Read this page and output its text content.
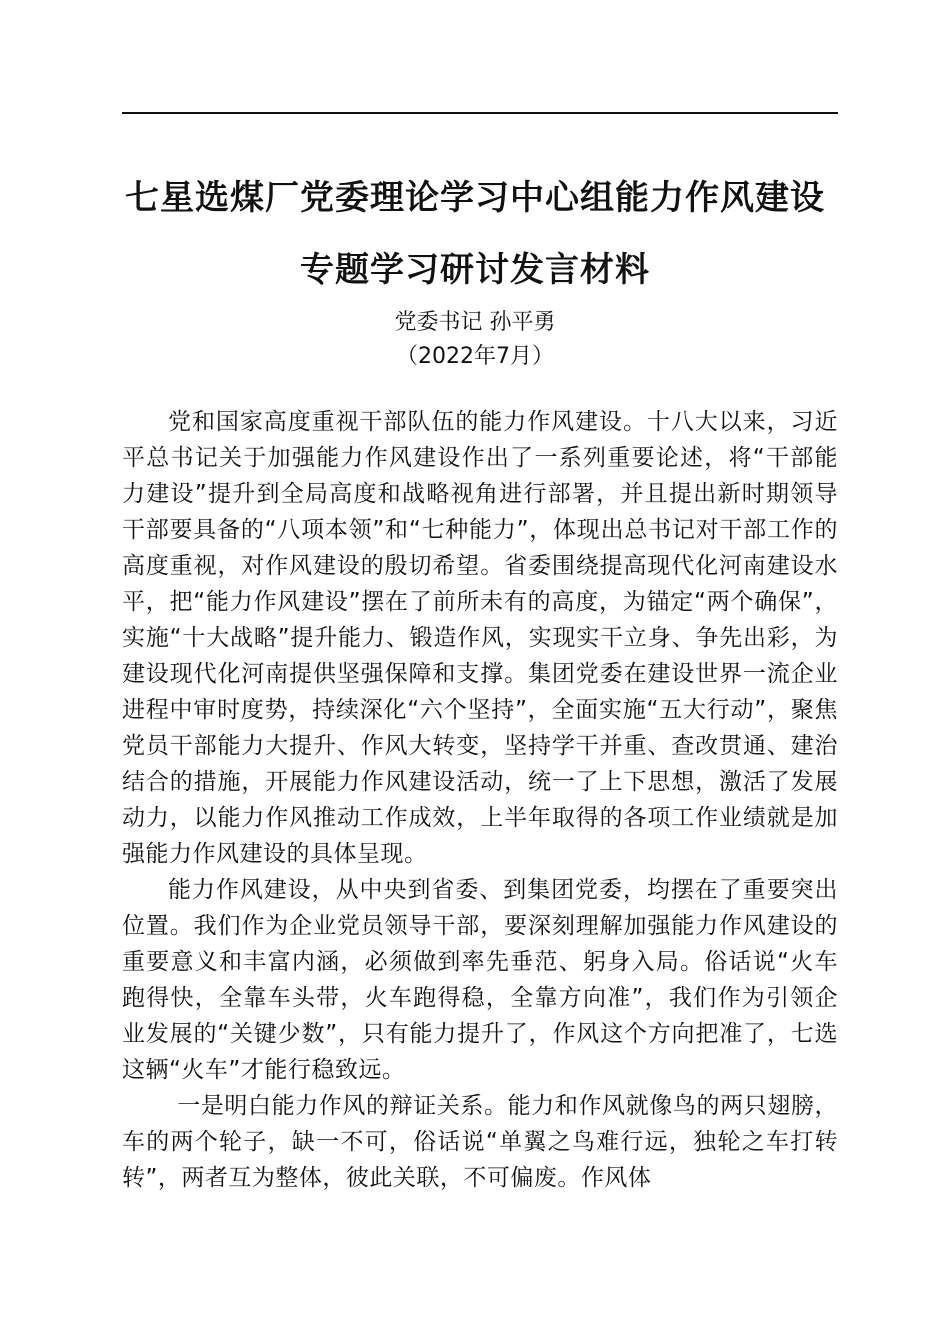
七星选煤厂党委理论学习中心组能力作风建设
专题学习研讨发言材料
党委书记 孙平勇
（2022年7月）

党和国家高度重视干部队伍的能力作风建设。十八大以来，习近平总书记关于加强能力作风建设作出了一系列重要论述，将“干部能力建设”提升到全局高度和战略视角进行部署，并且提出新时期领导干部要具备的“八项本领”和“七种能力”，体现出总书记对干部工作的高度重视，对作风建设的殷切希望。省委围绕提高现代化河南建设水平，把“能力作风建设”摆在了前所未有的高度，为锚定“两个确保”，实施“十大战略”提升能力、锻造作风，实现实干立身、争先出彩，为建设现代化河南提供坚强保障和支撑。集团党委在建设世界一流企业进程中审时度势，持续深化“六个坚持”，全面实施“五大行动”，聚焦党员干部能力大提升、作风大转变，坚持学干并重、查改贯通、建治结合的措施，开展能力作风建设活动，统一了上下思想，激活了发展动力，以能力作风推动工作成效，上半年取得的各项工作业绩就是加强能力作风建设的具体呈现。

能力作风建设，从中央到省委、到集团党委，均摆在了重要突出位置。我们作为企业党员领导干部，要深刻理解加强能力作风建设的重要意义和丰富内涵，必须做到率先垂范、躬身入局。俗话说“火车跑得快，全靠车头带，火车跑得稳，全靠方向准”，我们作为引领企业发展的“关键少数”，只有能力提升了，作风这个方向把准了，七选这辆“火车”才能行稳致远。

一是明白能力作风的辩证关系。能力和作风就像鸟的两只翅膀，车的两个轮子，缺一不可，俗话说“单翼之鸟难行远，独轮之车打转转”，两者互为整体，彼此关联，不可偏废。作风体
